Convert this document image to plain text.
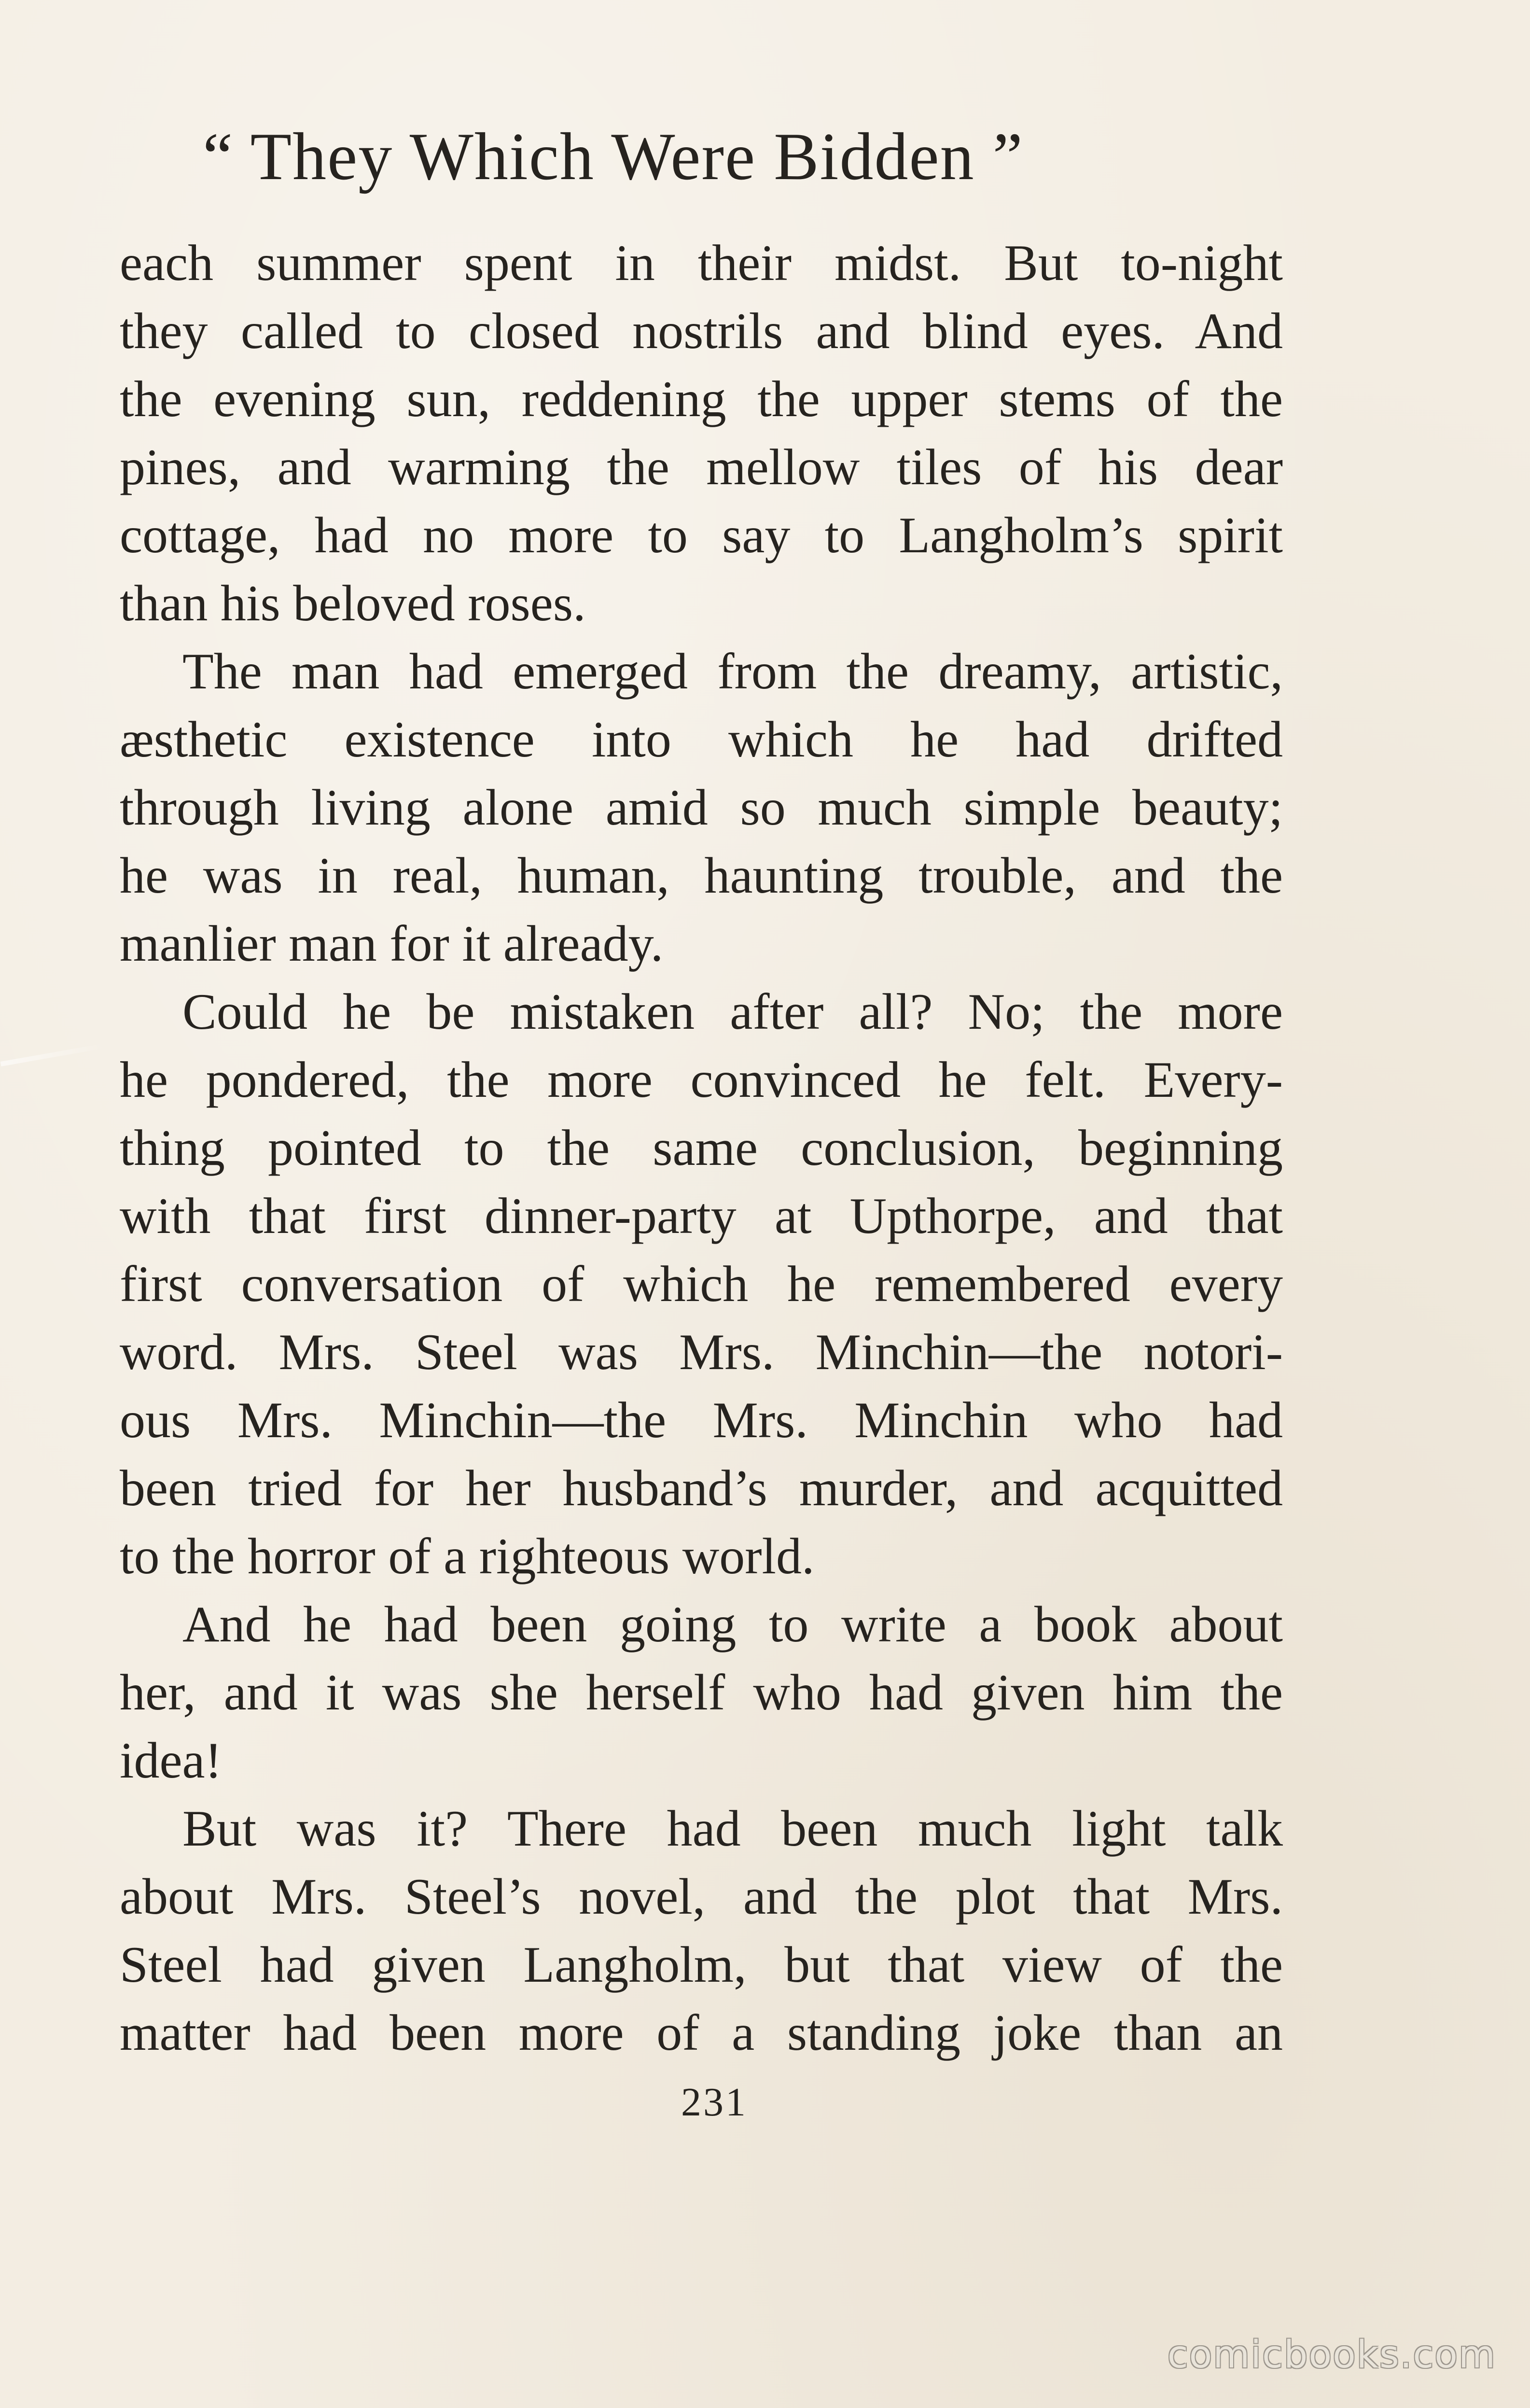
“ They Which Were Bidden ”

each summer spent in their midst. But to-night
they called to closed nostrils and blind eyes. And
the evening sun, reddening the upper stems of the
pines, and warming the mellow tiles of his dear
cottage, had no more to say to Langholm’s spirit
than his beloved roses.

The man had emerged from the dreamy, artistic,
æsthetic existence into which he had drifted
through living alone amid so much simple beauty;
he was in real, human, haunting trouble, and the
manlier man for it already.

Could he be mistaken after all? No; the more
he pondered, the more convinced he felt. Every-
thing pointed to the same conclusion, beginning
with that first dinner-party at Upthorpe, and that
first conversation of which he remembered every
word. Mrs. Steel was Mrs. Minchin—the notori-
ous Mrs. Minchin—the Mrs. Minchin who had
been tried for her husband’s murder, and acquitted
to the horror of a righteous world.

And he had been going to write a book about
her, and it was she herself who had given him the
idea!

But was it? There had been much light talk
about Mrs. Steel’s novel, and the plot that Mrs.
Steel had given Langholm, but that view of the
matter had been more of a standing joke than an

231
comicbooks.com
